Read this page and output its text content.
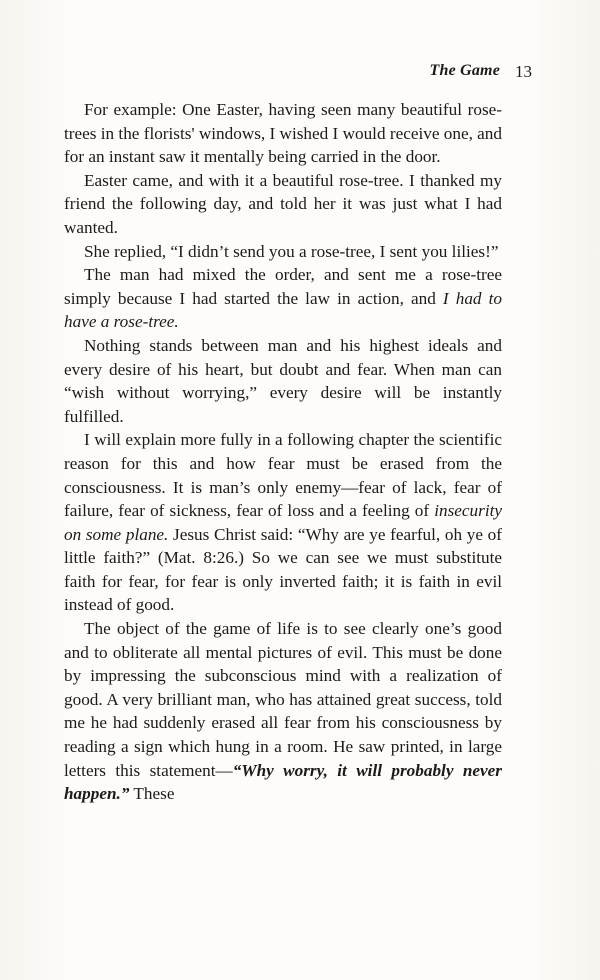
The Game 13

For example: One Easter, having seen many beautiful rose-trees in the florists' windows, I wished I would receive one, and for an instant saw it mentally being carried in the door.

Easter came, and with it a beautiful rose-tree. I thanked my friend the following day, and told her it was just what I had wanted.

She replied, “I didn’t send you a rose-tree, I sent you lilies!”

The man had mixed the order, and sent me a rose-tree simply because I had started the law in action, and I had to have a rose-tree.

Nothing stands between man and his highest ideals and every desire of his heart, but doubt and fear. When man can “wish without worrying,” every desire will be instantly fulfilled.

I will explain more fully in a following chapter the scientific reason for this and how fear must be erased from the consciousness. It is man’s only enemy—fear of lack, fear of failure, fear of sickness, fear of loss and a feeling of insecurity on some plane. Jesus Christ said: “Why are ye fearful, oh ye of little faith?” (Mat. 8:26.) So we can see we must substitute faith for fear, for fear is only inverted faith; it is faith in evil instead of good.

The object of the game of life is to see clearly one’s good and to obliterate all mental pictures of evil. This must be done by impressing the subconscious mind with a realization of good. A very brilliant man, who has attained great success, told me he had suddenly erased all fear from his consciousness by reading a sign which hung in a room. He saw printed, in large letters this statement—“Why worry, it will probably never happen.” These
